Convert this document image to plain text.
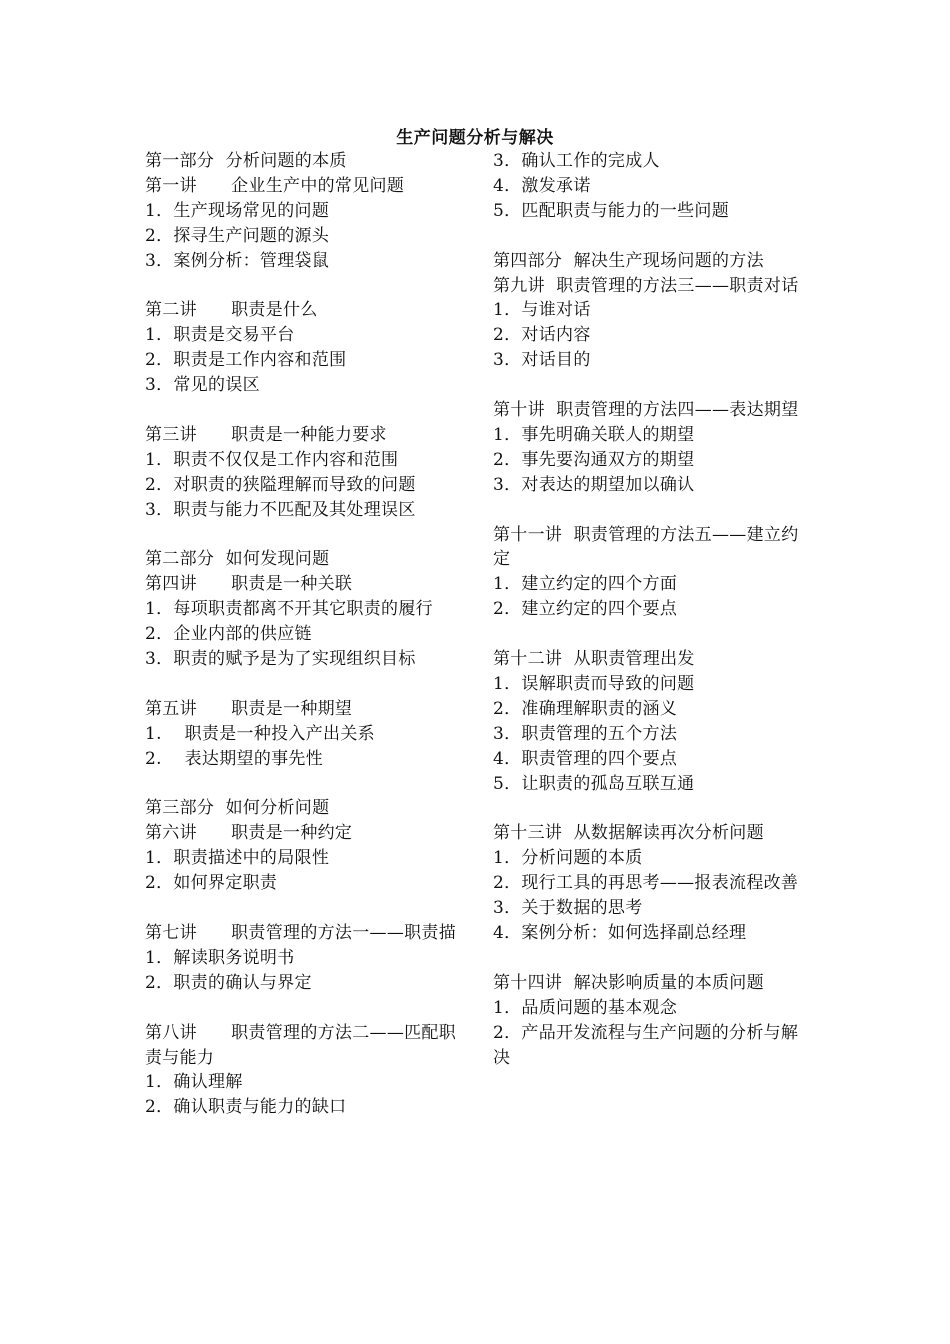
生产问题分析与解决
第一部分  分析问题的本质
第一讲      企业生产中的常见问题
1．生产现场常见的问题
2．探寻生产问题的源头
3．案例分析：管理袋鼠
第二讲      职责是什么
1．职责是交易平台
2．职责是工作内容和范围
3．常见的误区
第三讲      职责是一种能力要求
1．职责不仅仅是工作内容和范围
2．对职责的狭隘理解而导致的问题
3．职责与能力不匹配及其处理误区
第二部分  如何发现问题
第四讲      职责是一种关联
1．每项职责都离不开其它职责的履行
2．企业内部的供应链
3．职责的赋予是为了实现组织目标
第五讲      职责是一种期望
1.    职责是一种投入产出关系
2.    表达期望的事先性
第三部分  如何分析问题
第六讲      职责是一种约定
1．职责描述中的局限性
2．如何界定职责
第七讲      职责管理的方法一——职责描
1．解读职务说明书
2．职责的确认与界定
第八讲      职责管理的方法二——匹配职责与能力
1．确认理解
2．确认职责与能力的缺口
3．确认工作的完成人
4．激发承诺
5．匹配职责与能力的一些问题
第四部分  解决生产现场问题的方法
第九讲  职责管理的方法三——职责对话
1．与谁对话
2．对话内容
3．对话目的
第十讲  职责管理的方法四——表达期望
1．事先明确关联人的期望
2．事先要沟通双方的期望
3．对表达的期望加以确认
第十一讲  职责管理的方法五——建立约定
1．建立约定的四个方面
2．建立约定的四个要点
第十二讲  从职责管理出发
1．误解职责而导致的问题
2．准确理解职责的涵义
3．职责管理的五个方法
4．职责管理的四个要点
5．让职责的孤岛互联互通
第十三讲  从数据解读再次分析问题
1．分析问题的本质
2．现行工具的再思考——报表流程改善
3．关于数据的思考
4．案例分析：如何选择副总经理
第十四讲  解决影响质量的本质问题
1．品质问题的基本观念
2．产品开发流程与生产问题的分析与解决
